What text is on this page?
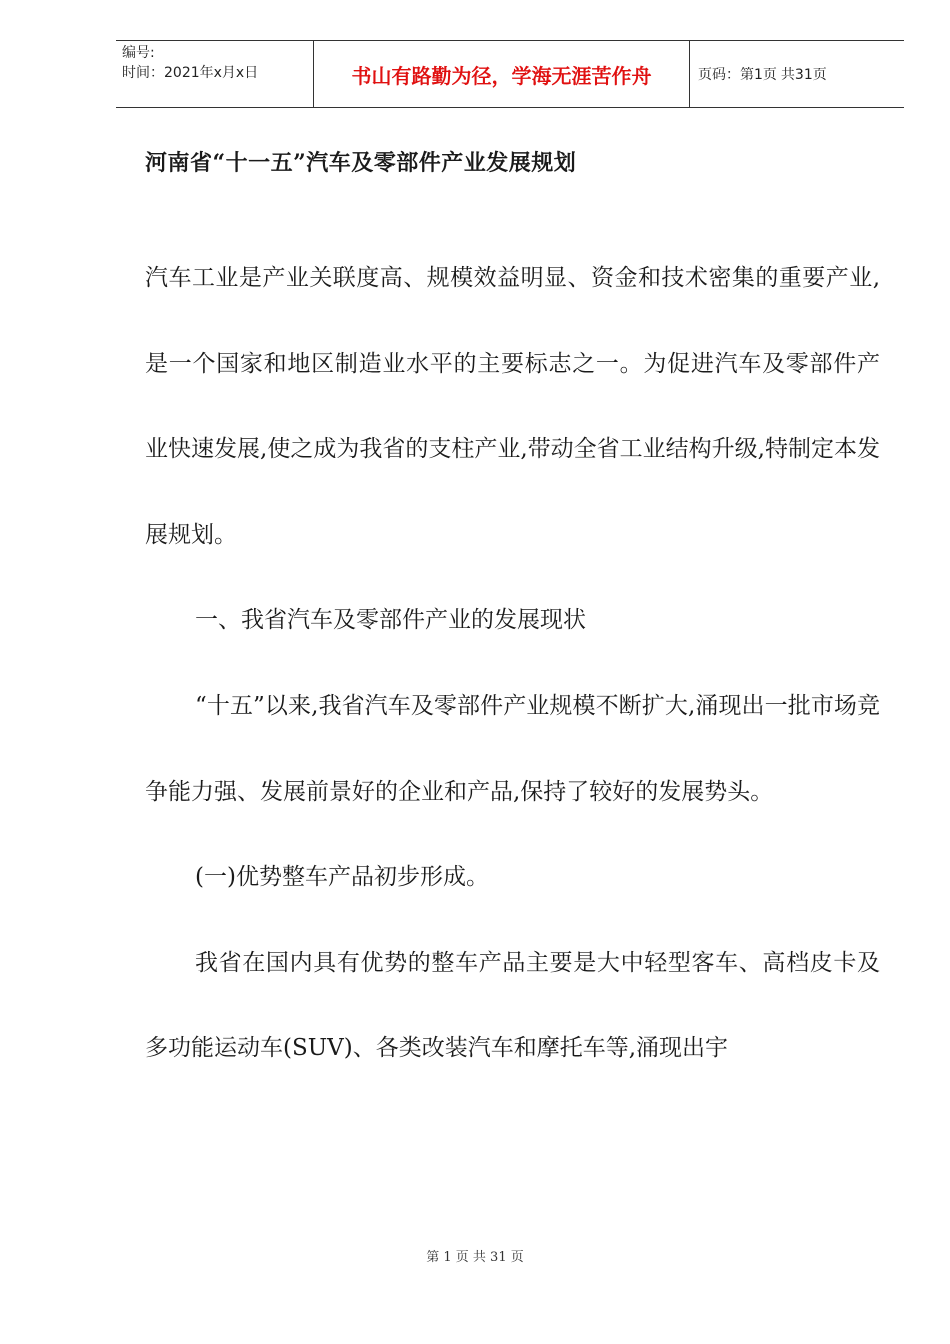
编号:
时间：2021年x月x日	书山有路勤为径，学海无涯苦作舟	页码：第1页 共31页
河南省“十一五”汽车及零部件产业发展规划

汽车工业是产业关联度高、规模效益明显、资金和技术密集的重要产业,是一个国家和地区制造业水平的主要标志之一。为促进汽车及零部件产业快速发展,使之成为我省的支柱产业,带动全省工业结构升级,特制定本发展规划。

一、我省汽车及零部件产业的发展现状

“十五”以来,我省汽车及零部件产业规模不断扩大,涌现出一批市场竞争能力强、发展前景好的企业和产品,保持了较好的发展势头。

(一)优势整车产品初步形成。

我省在国内具有优势的整车产品主要是大中轻型客车、高档皮卡及多功能运动车(SUV)、各类改装汽车和摩托车等,涌现出宇

第 1 页 共 31 页
